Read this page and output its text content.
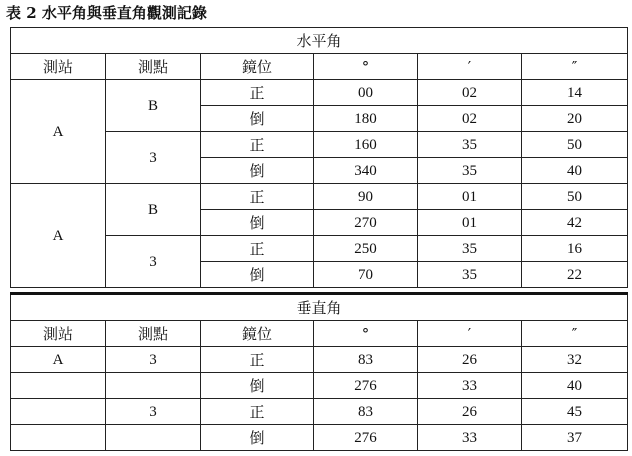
表 2 水平角與垂直角觀測記錄
水平角					
測站	測點	鏡位	°	′	″
A	B	正	00	02	14
		倒	180	02	20
	3	正	160	35	50
		倒	340	35	40
A	B	正	90	01	50
		倒	270	01	42
	3	正	250	35	16
		倒	70	35	22
垂直角					
測站	測點	鏡位	°	′	″
A	3	正	83	26	32
		倒	276	33	40
	3	正	83	26	45
		倒	276	33	37
